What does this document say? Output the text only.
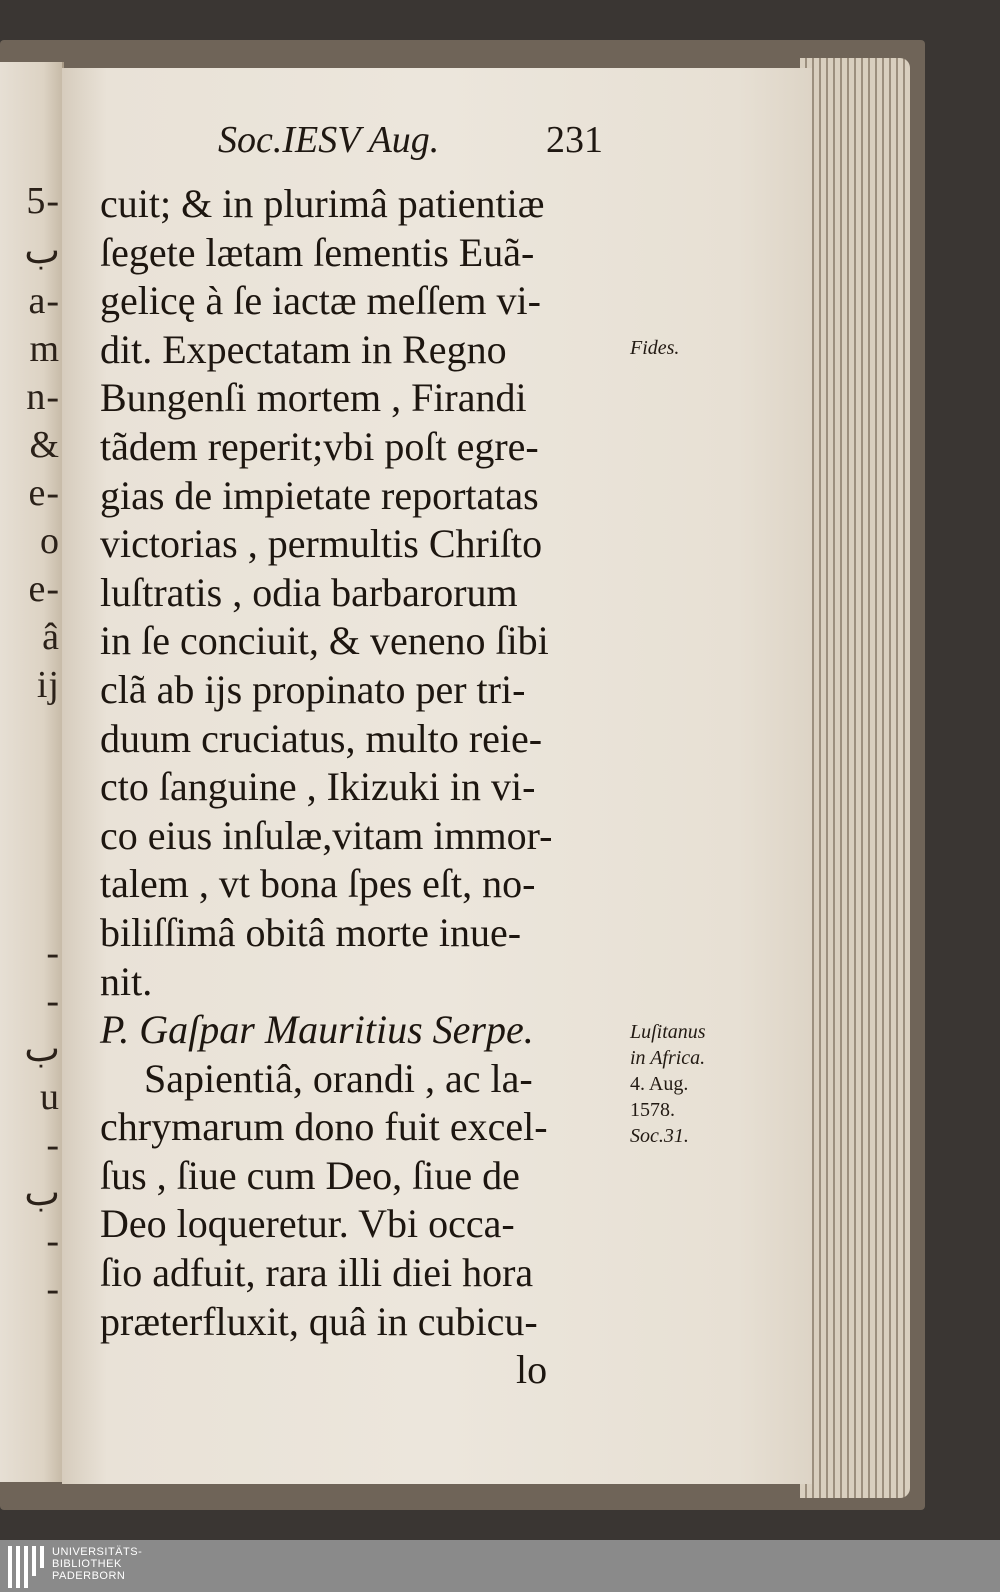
5-
ب
a-
m
n-
&
e-
o
e-
â
ij
-
-
ب
u
-
ب
-
-
Soc.IESV Aug.	231
cuit; & in plurimâ patientiæ
ſegete lætam ſementis Euã-
gelicę à ſe iactæ meſſem vi-
dit. Expectatam in Regno
Bungenſi mortem , Firandi
tãdem reperit;vbi poſt egre-
gias de impietate reportatas
victorias , permultis Chriſto
luſtratis , odia barbarorum
in ſe conciuit, & veneno ſibi
clã ab ijs propinato per tri-
duum cruciatus, multo reie-
cto ſanguine , Ikizuki in vi-
co eius inſulæ,vitam immor-
talem , vt bona ſpes eſt, no-
biliſſimâ obitâ morte inue-
nit.
P. Gaſpar Mauritius Serpe.
Sapientiâ, orandi , ac la-
chrymarum dono fuit excel-
ſus , ſiue cum Deo, ſiue de
Deo loqueretur. Vbi occa-
ſio adfuit, rara illi diei hora
præterfluxit, quâ in cubicu-
lo
Fides.
Luſitanus
in Africa.
4. Aug.
1578.
Soc.31.
UNIVERSITÄTS-
BIBLIOTHEK
PADERBORN
